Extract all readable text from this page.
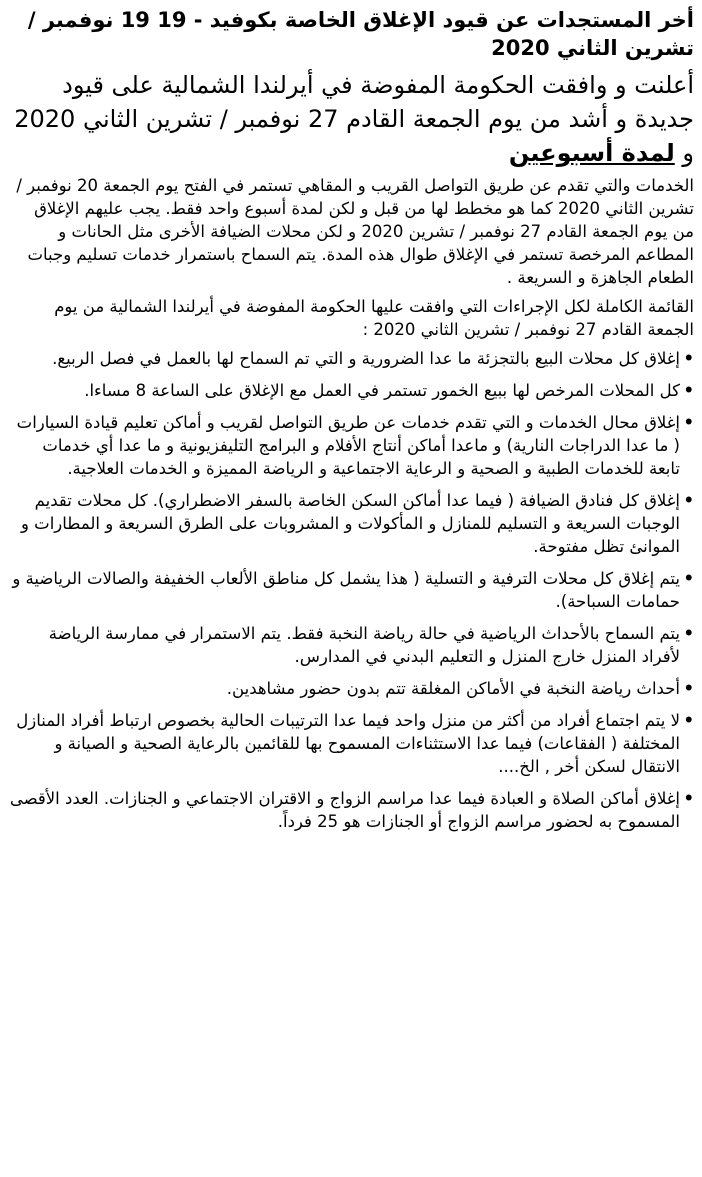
أخر المستجدات عن قيود الإغلاق الخاصة بكوفيد - 19 19 نوفمبر / تشرين الثاني 2020
أعلنت و وافقت الحكومة المفوضة في أيرلندا الشمالية على قيود جديدة و أشد من يوم الجمعة القادم 27 نوفمبر / تشرين الثاني 2020 و لمدة أسبوعين
الخدمات والتي تقدم عن طريق التواصل القريب و المقاهي تستمر في الفتح يوم الجمعة 20 نوفمبر /تشرين الثاني 2020 كما هو مخطط لها من قبل و لكن لمدة أسبوع واحد فقط. يجب عليهم الإغلاق من يوم الجمعة القادم 27 نوفمبر / تشرين 2020 و لكن محلات الضيافة الأخرى مثل الحانات و المطاعم المرخصة تستمر في الإغلاق طوال هذه المدة. يتم السماح باستمرار خدمات تسليم وجبات الطعام الجاهزة و السريعة .
القائمة الكاملة لكل الإجراءات التي وافقت عليها الحكومة المفوضة في أيرلندا الشمالية من يوم الجمعة القادم 27 نوفمبر / تشرين الثاني 2020 :
•
إغلاق كل محلات البيع بالتجزئة ما عدا الضرورية و التي تم السماح لها بالعمل في فصل الربيع.
•
كل المحلات المرخص لها ببيع الخمور تستمر في العمل مع الإغلاق على الساعة 8 مساءا.
•
إغلاق محال الخدمات و التي تقدم خدمات عن طريق التواصل لقريب و أماكن تعليم قيادة السيارات ( ما عدا الدراجات النارية) و ماعدا أماكن أنتاج الأفلام و البرامج التليفزيونية و ما عدا أي خدمات تابعة للخدمات الطبية و الصحية و الرعاية الاجتماعية و الرياضة المميزة و الخدمات العلاجية.
•
إغلاق كل فنادق الضيافة ( فيما عدا أماكن السكن الخاصة بالسفر الاضطراري). كل محلات تقديم الوجبات السريعة و التسليم للمنازل و المأكولات و المشروبات على الطرق السريعة و المطارات و الموانئ تظل مفتوحة.
•
يتم إغلاق كل محلات الترفية و التسلية ( هذا يشمل كل مناطق الألعاب الخفيفة والصالات الرياضية و حمامات السباحة).
•
يتم السماح بالأحداث الرياضية في حالة رياضة النخبة فقط. يتم الاستمرار في ممارسة الرياضة لأفراد المنزل خارج المنزل و التعليم البدني في المدارس.
•
أحداث رياضة النخبة في الأماكن المغلقة تتم بدون حضور مشاهدين.
•
لا يتم اجتماع أفراد من أكثر من منزل واحد فيما عدا الترتيبات الحالية بخصوص ارتباط أفراد المنازل المختلفة ( الفقاعات) فيما عدا الاستثناءات المسموح بها للقائمين بالرعاية الصحية و الصيانة و الانتقال لسكن أخر , الخ....
•
إغلاق أماكن الصلاة و العبادة فيما عدا مراسم الزواج و الاقتران الاجتماعي و الجنازات. العدد الأقصى المسموح به لحضور مراسم الزواج أو الجنازات هو 25 فرداً.
